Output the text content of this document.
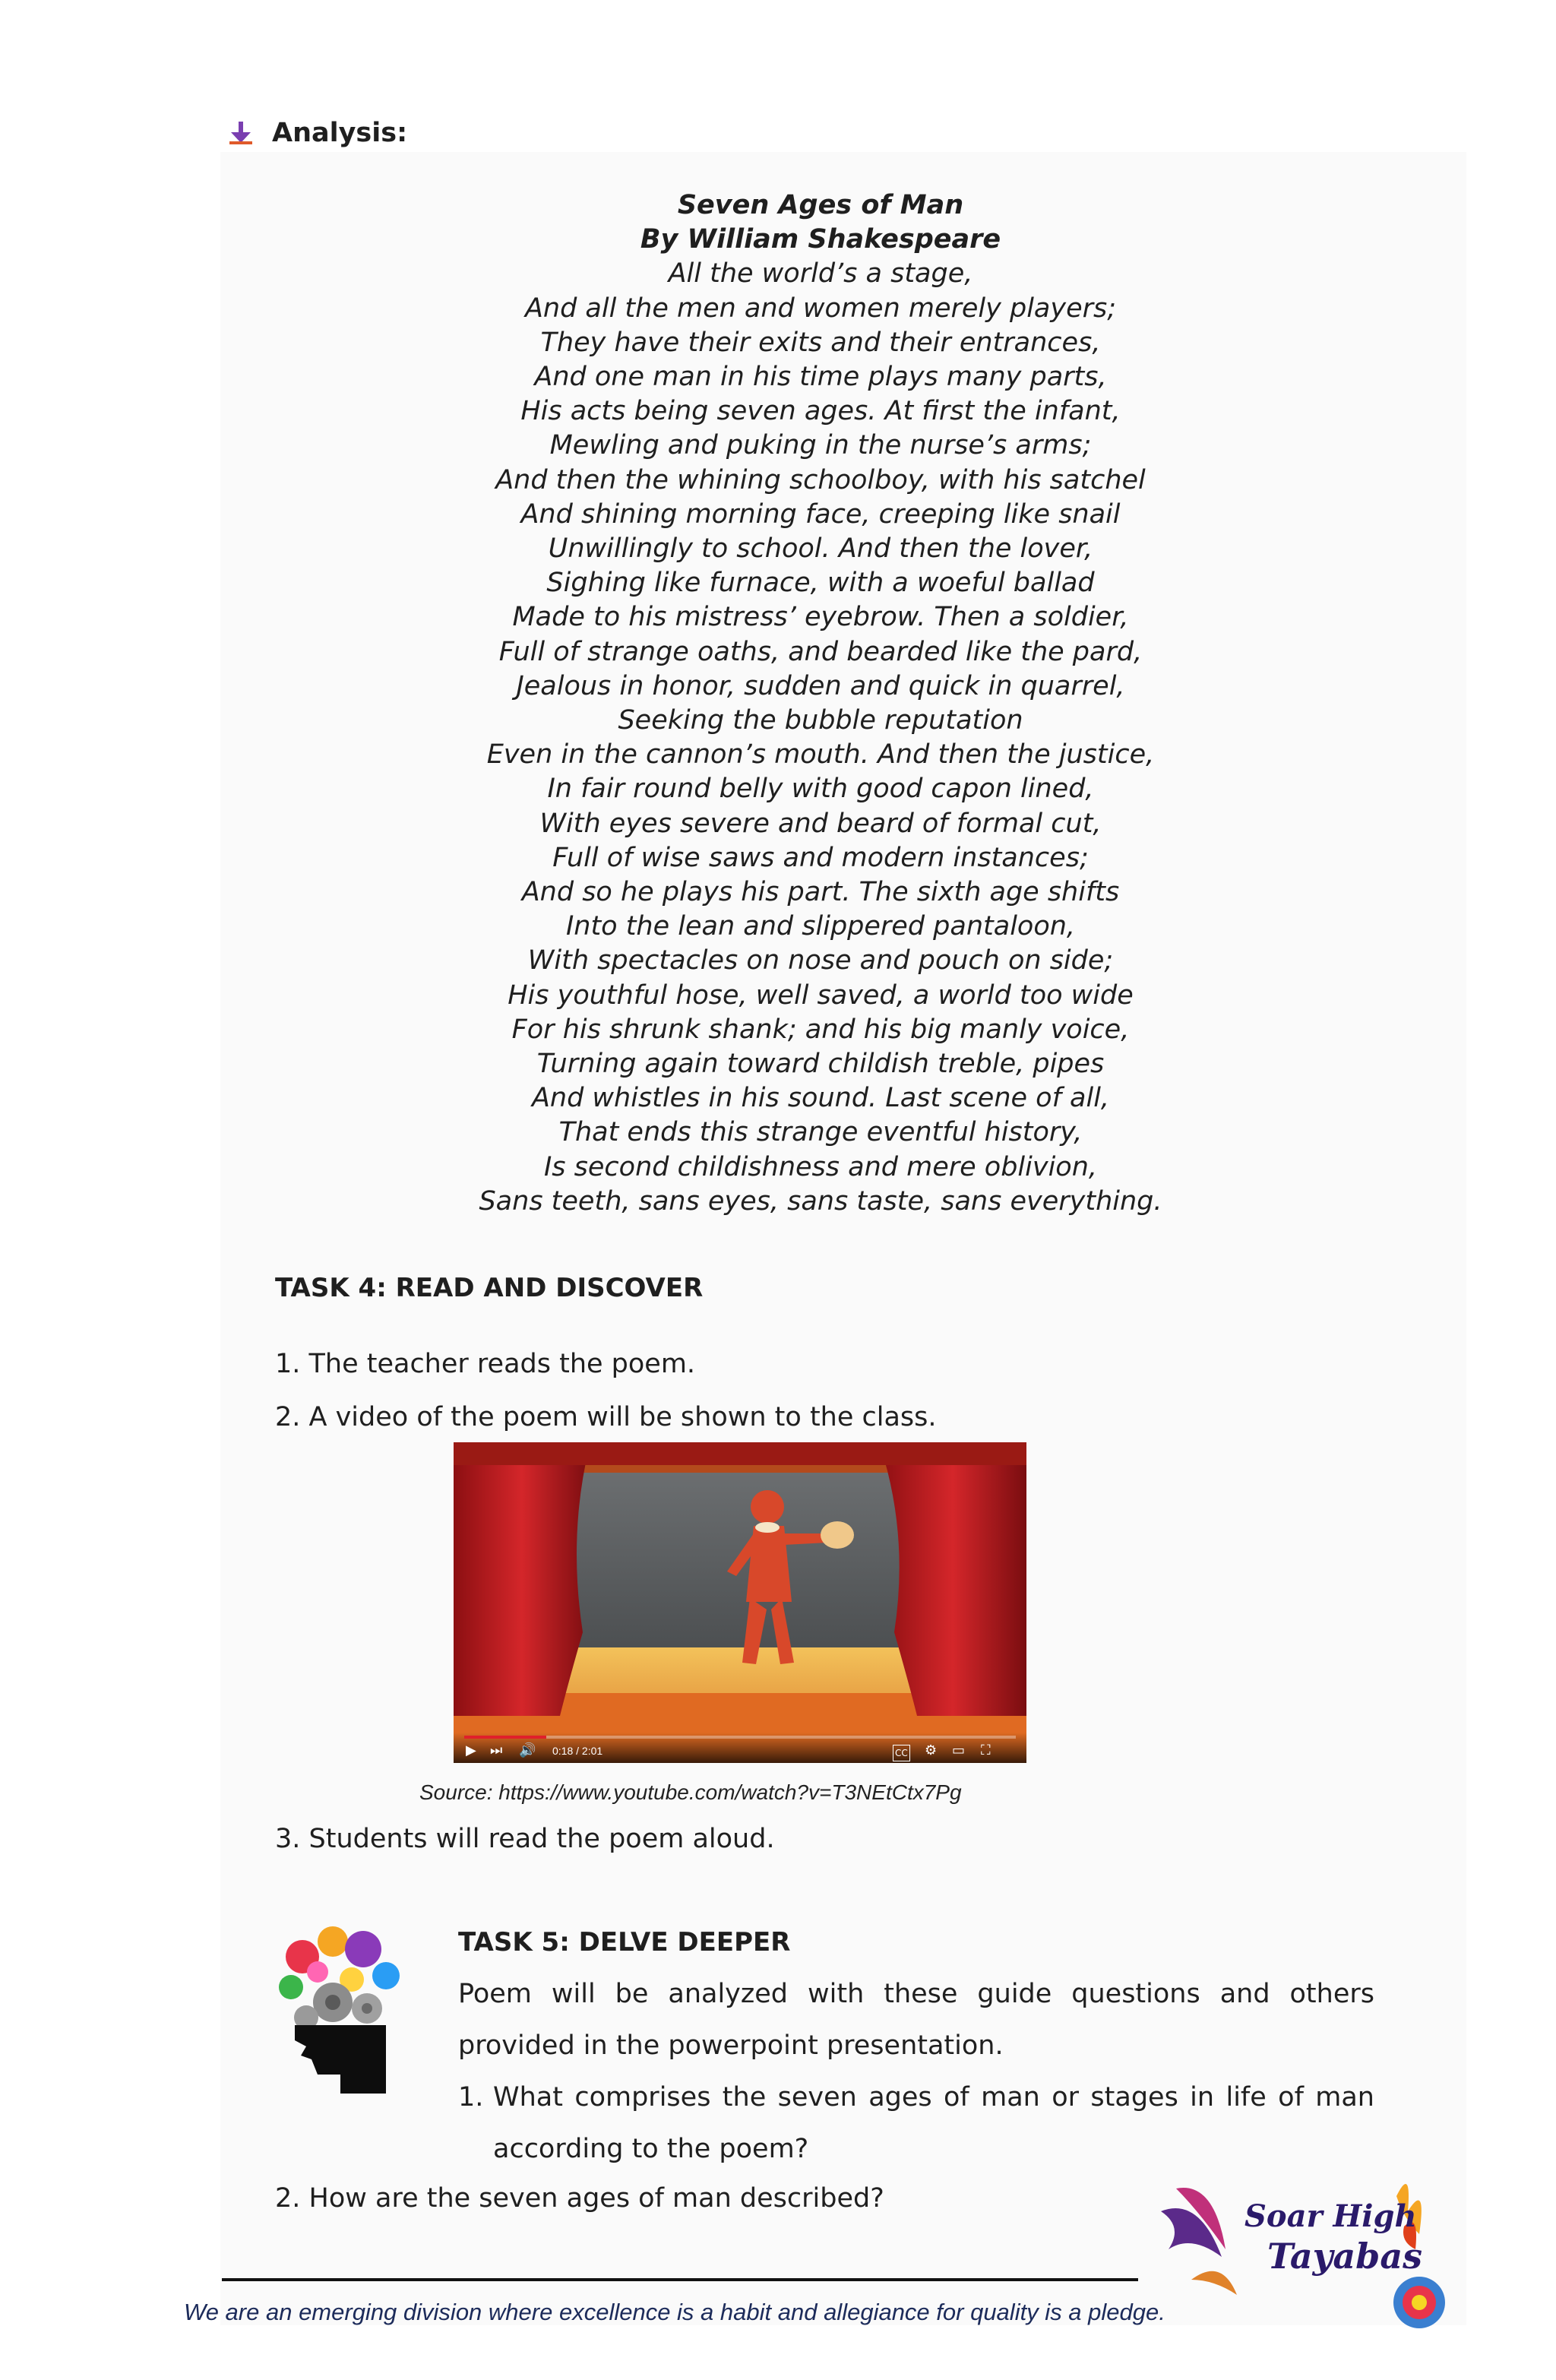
Analysis:
Seven Ages of Man
By William Shakespeare
All the world’s a stage,
And all the men and women merely players;
They have their exits and their entrances,
And one man in his time plays many parts,
His acts being seven ages. At first the infant,
Mewling and puking in the nurse’s arms;
And then the whining schoolboy, with his satchel
And shining morning face, creeping like snail
Unwillingly to school. And then the lover,
Sighing like furnace, with a woeful ballad
Made to his mistress’ eyebrow. Then a soldier,
Full of strange oaths, and bearded like the pard,
Jealous in honor, sudden and quick in quarrel,
Seeking the bubble reputation
Even in the cannon’s mouth. And then the justice,
In fair round belly with good capon lined,
With eyes severe and beard of formal cut,
Full of wise saws and modern instances;
And so he plays his part. The sixth age shifts
Into the lean and slippered pantaloon,
With spectacles on nose and pouch on side;
His youthful hose, well saved, a world too wide
For his shrunk shank; and his big manly voice,
Turning again toward childish treble, pipes
And whistles in his sound. Last scene of all,
That ends this strange eventful history,
Is second childishness and mere oblivion,
Sans teeth, sans eyes, sans taste, sans everything.
TASK 4: READ AND DISCOVER
1. The teacher reads the poem.
2. A video of the poem will be shown to the class.
▶ ⏭ 🔊 0:18 / 2:01	CC ⚙ ▭ ⛶
Source: https://www.youtube.com/watch?v=T3NEtCtx7Pg
3. Students will read the poem aloud.
TASK 5: DELVE DEEPER
Poem will be analyzed with these guide questions and others provided in the powerpoint presentation.
1. What comprises the seven ages of man or stages in life of man according to the poem?
2. How are the seven ages of man described?	Soar High
Tayabas
We are an emerging division where excellence is a habit and allegiance for quality is a pledge.
